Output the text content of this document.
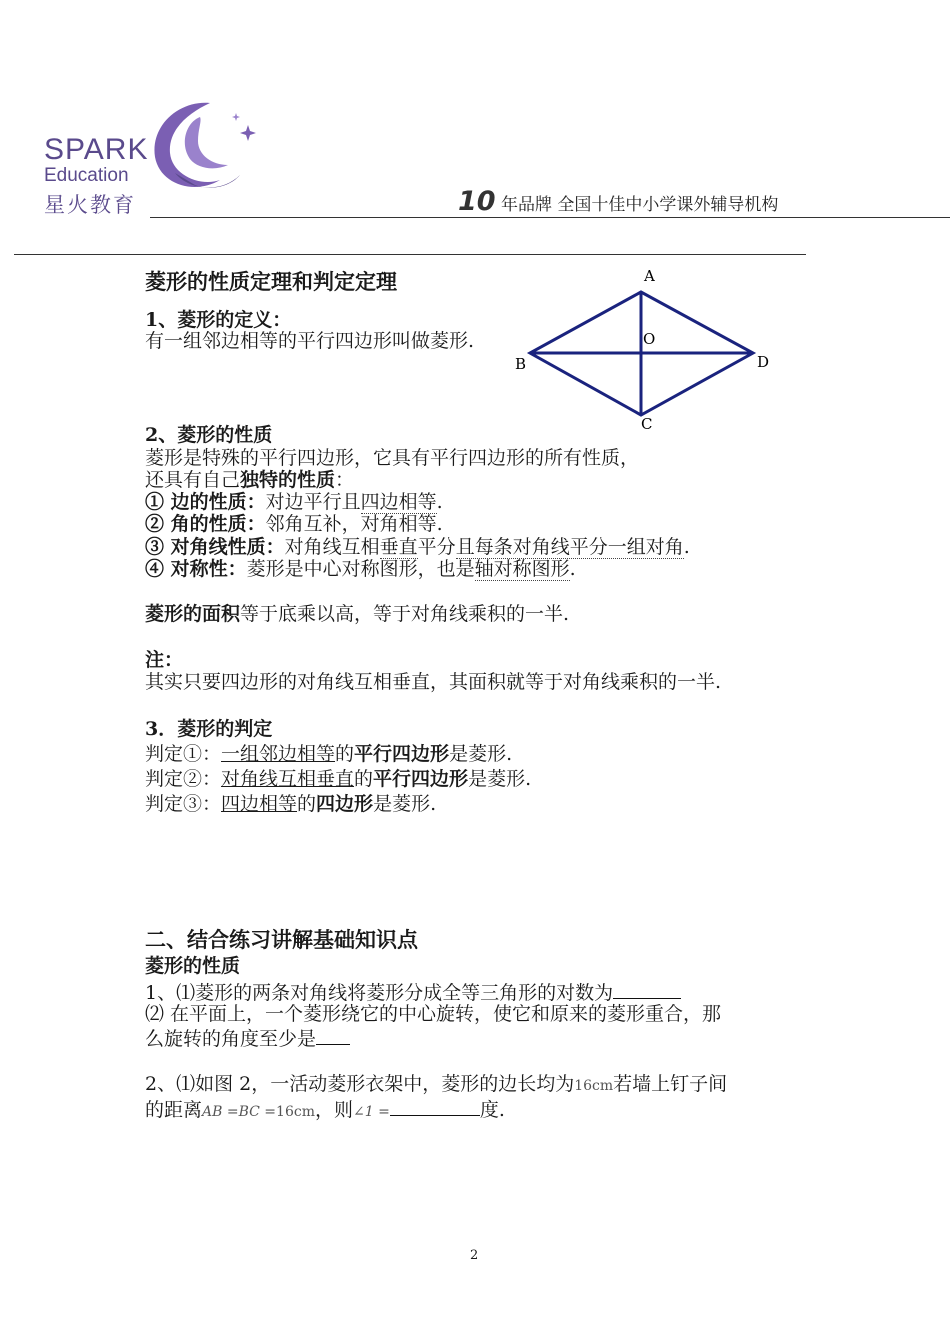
SPARK
Education
星火教育	10 年品牌 全国十佳中小学课外辅导机构
A
B
C
D
O
菱形的性质定理和判定定理
1、菱形的定义：
有一组邻边相等的平行四边形叫做菱形.
2、菱形的性质
菱形是特殊的平行四边形，它具有平行四边形的所有性质，
还具有自己独特的性质：
① 边的性质：对边平行且四边相等.
② 角的性质：邻角互补，对角相等.
③ 对角线性质：对角线互相垂直平分且每条对角线平分一组对角.
④ 对称性：菱形是中心对称图形，也是轴对称图形.
菱形的面积等于底乘以高，等于对角线乘积的一半.
注：
其实只要四边形的对角线互相垂直，其面积就等于对角线乘积的一半.
3．菱形的判定
判定①：一组邻边相等的平行四边形是菱形.
判定②：对角线互相垂直的平行四边形是菱形.
判定③：四边相等的四边形是菱形.
二、结合练习讲解基础知识点
菱形的性质
1、⑴菱形的两条对角线将菱形分成全等三角形的对数为
⑵ 在平面上，一个菱形绕它的中心旋转，使它和原来的菱形重合，那
么旋转的角度至少是
2、⑴如图 2，一活动菱形衣架中，菱形的边长均为16cm若墙上钉子间
的距离AB =BC =16cm，则∠1 =	度.
2
